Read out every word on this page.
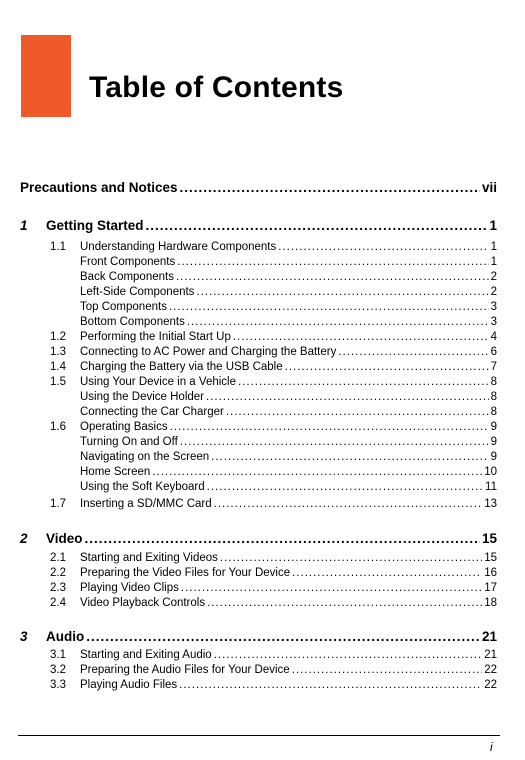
Table of Contents
Precautions and Notices .....	vii
1	Getting Started .....	1
1.1	Understanding Hardware Components .....	1
Front Components .....	1
Back Components .....	2
Left-Side Components .....	2
Top Components .....	3
Bottom Components .....	3
1.2	Performing the Initial Start Up .....	4
1.3	Connecting to AC Power and Charging the Battery .....	6
1.4	Charging the Battery via the USB Cable .....	7
1.5	Using Your Device in a Vehicle .....	8
Using the Device Holder .....	8
Connecting the Car Charger .....	8
1.6	Operating Basics .....	9
Turning On and Off .....	9
Navigating on the Screen .....	9
Home Screen .....	10
Using the Soft Keyboard .....	11
1.7	Inserting a SD/MMC Card .....	13
2	Video .....	15
2.1	Starting and Exiting Videos .....	15
2.2	Preparing the Video Files for Your Device .....	16
2.3	Playing Video Clips .....	17
2.4	Video Playback Controls .....	18
3	Audio .....	21
3.1	Starting and Exiting Audio .....	21
3.2	Preparing the Audio Files for Your Device .....	22
3.3	Playing Audio Files .....	22
i
